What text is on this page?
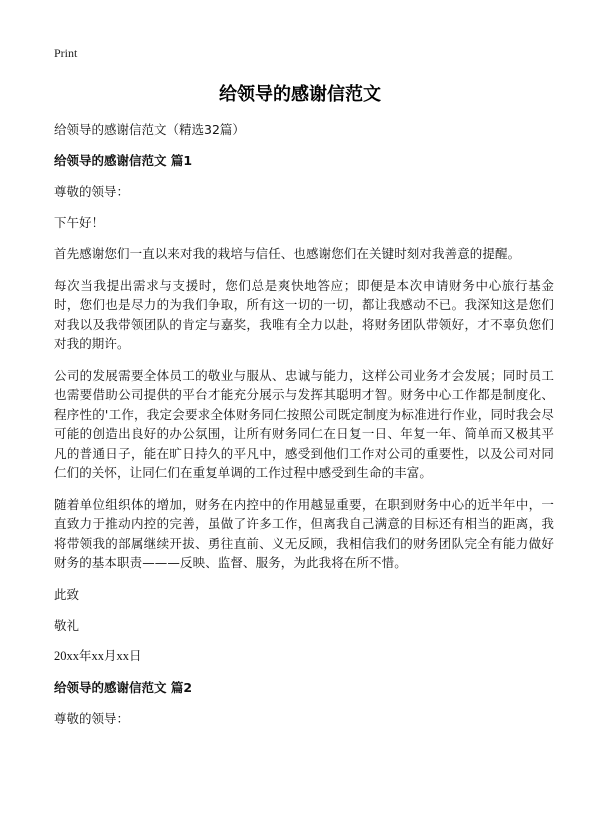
Print
给领导的感谢信范文

给领导的感谢信范文（精选32篇）

给领导的感谢信范文 篇1

尊敬的领导：

下午好！

首先感谢您们一直以来对我的栽培与信任、也感谢您们在关键时刻对我善意的提醒。

每次当我提出需求与支援时，您们总是爽快地答应；即便是本次申请财务中心旅行基金时，您们也是尽力的为我们争取，所有这一切的一切，都让我感动不已。我深知这是您们对我以及我带领团队的肯定与嘉奖，我唯有全力以赴，将财务团队带领好，才不辜负您们对我的期许。

公司的发展需要全体员工的敬业与服从、忠诚与能力，这样公司业务才会发展；同时员工也需要借助公司提供的平台才能充分展示与发挥其聪明才智。财务中心工作都是制度化、程序性的'工作，我定会要求全体财务同仁按照公司既定制度为标准进行作业，同时我会尽可能的创造出良好的办公氛围，让所有财务同仁在日复一日、年复一年、简单而又极其平凡的普通日子，能在旷日持久的平凡中，感受到他们工作对公司的重要性，以及公司对同仁们的关怀，让同仁们在重复单调的工作过程中感受到生命的丰富。

随着单位组织体的增加，财务在内控中的作用越显重要，在职到财务中心的近半年中，一直致力于推动内控的完善，虽做了许多工作，但离我自己满意的目标还有相当的距离，我将带领我的部属继续开拔、勇往直前、义无反顾，我相信我们的财务团队完全有能力做好财务的基本职责———反映、监督、服务，为此我将在所不惜。

此致

敬礼

20xx年xx月xx日

给领导的感谢信范文 篇2

尊敬的领导：
